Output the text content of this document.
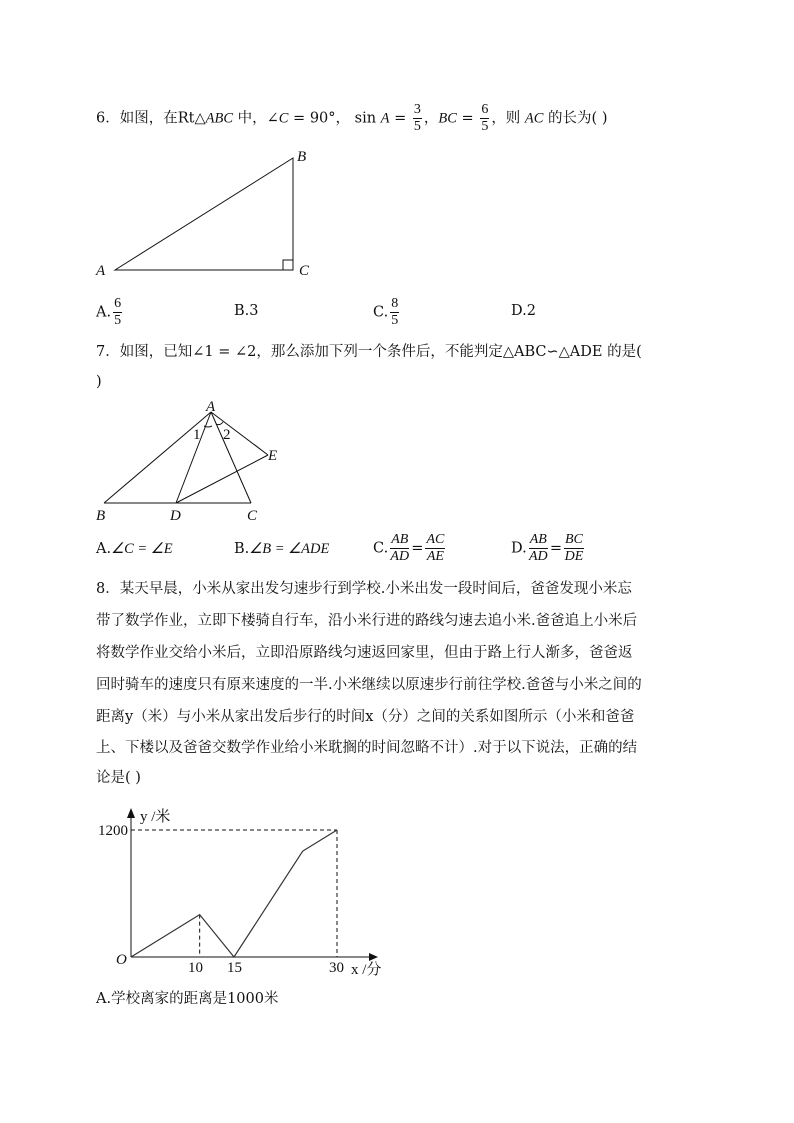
6．如图，在Rt△ABC 中，∠C = 90°， $\sin A = \frac{3}{5}$ ，BC = $\frac{6}{5}$ ，则 AC 的长为( )
A
B
C
A
B	C
D
E
1 2
y /米
x /分
O
1200
10 15	30
A. $\frac{6}{5}$	B.3	C. $\frac{8}{5}$	D.2
7．如图，已知∠1 = ∠2，那么添加下列一个条件后，不能判定△ABC∽△ADE 的是(
)
A.∠C = ∠E	B.∠B = ∠ADE	C. $\frac{AB}{AD} = \frac{AC}{AE}$	D. $\frac{AB}{AD} = \frac{BC}{DE}$
8．某天早晨，小米从家出发匀速步行到学校.小米出发一段时间后，爸爸发现小米忘
带了数学作业，立即下楼骑自行车，沿小米行进的路线匀速去追小米.爸爸追上小米后
将数学作业交给小米后，立即沿原路线匀速返回家里，但由于路上行人渐多，爸爸返
回时骑车的速度只有原来速度的一半.小米继续以原速步行前往学校.爸爸与小米之间的
距离y（米）与小米从家出发后步行的时间x（分）之间的关系如图所示（小米和爸爸
上、下楼以及爸爸交数学作业给小米耽搁的时间忽略不计）.对于以下说法，正确的结
论是( )
A.学校离家的距离是1000米
